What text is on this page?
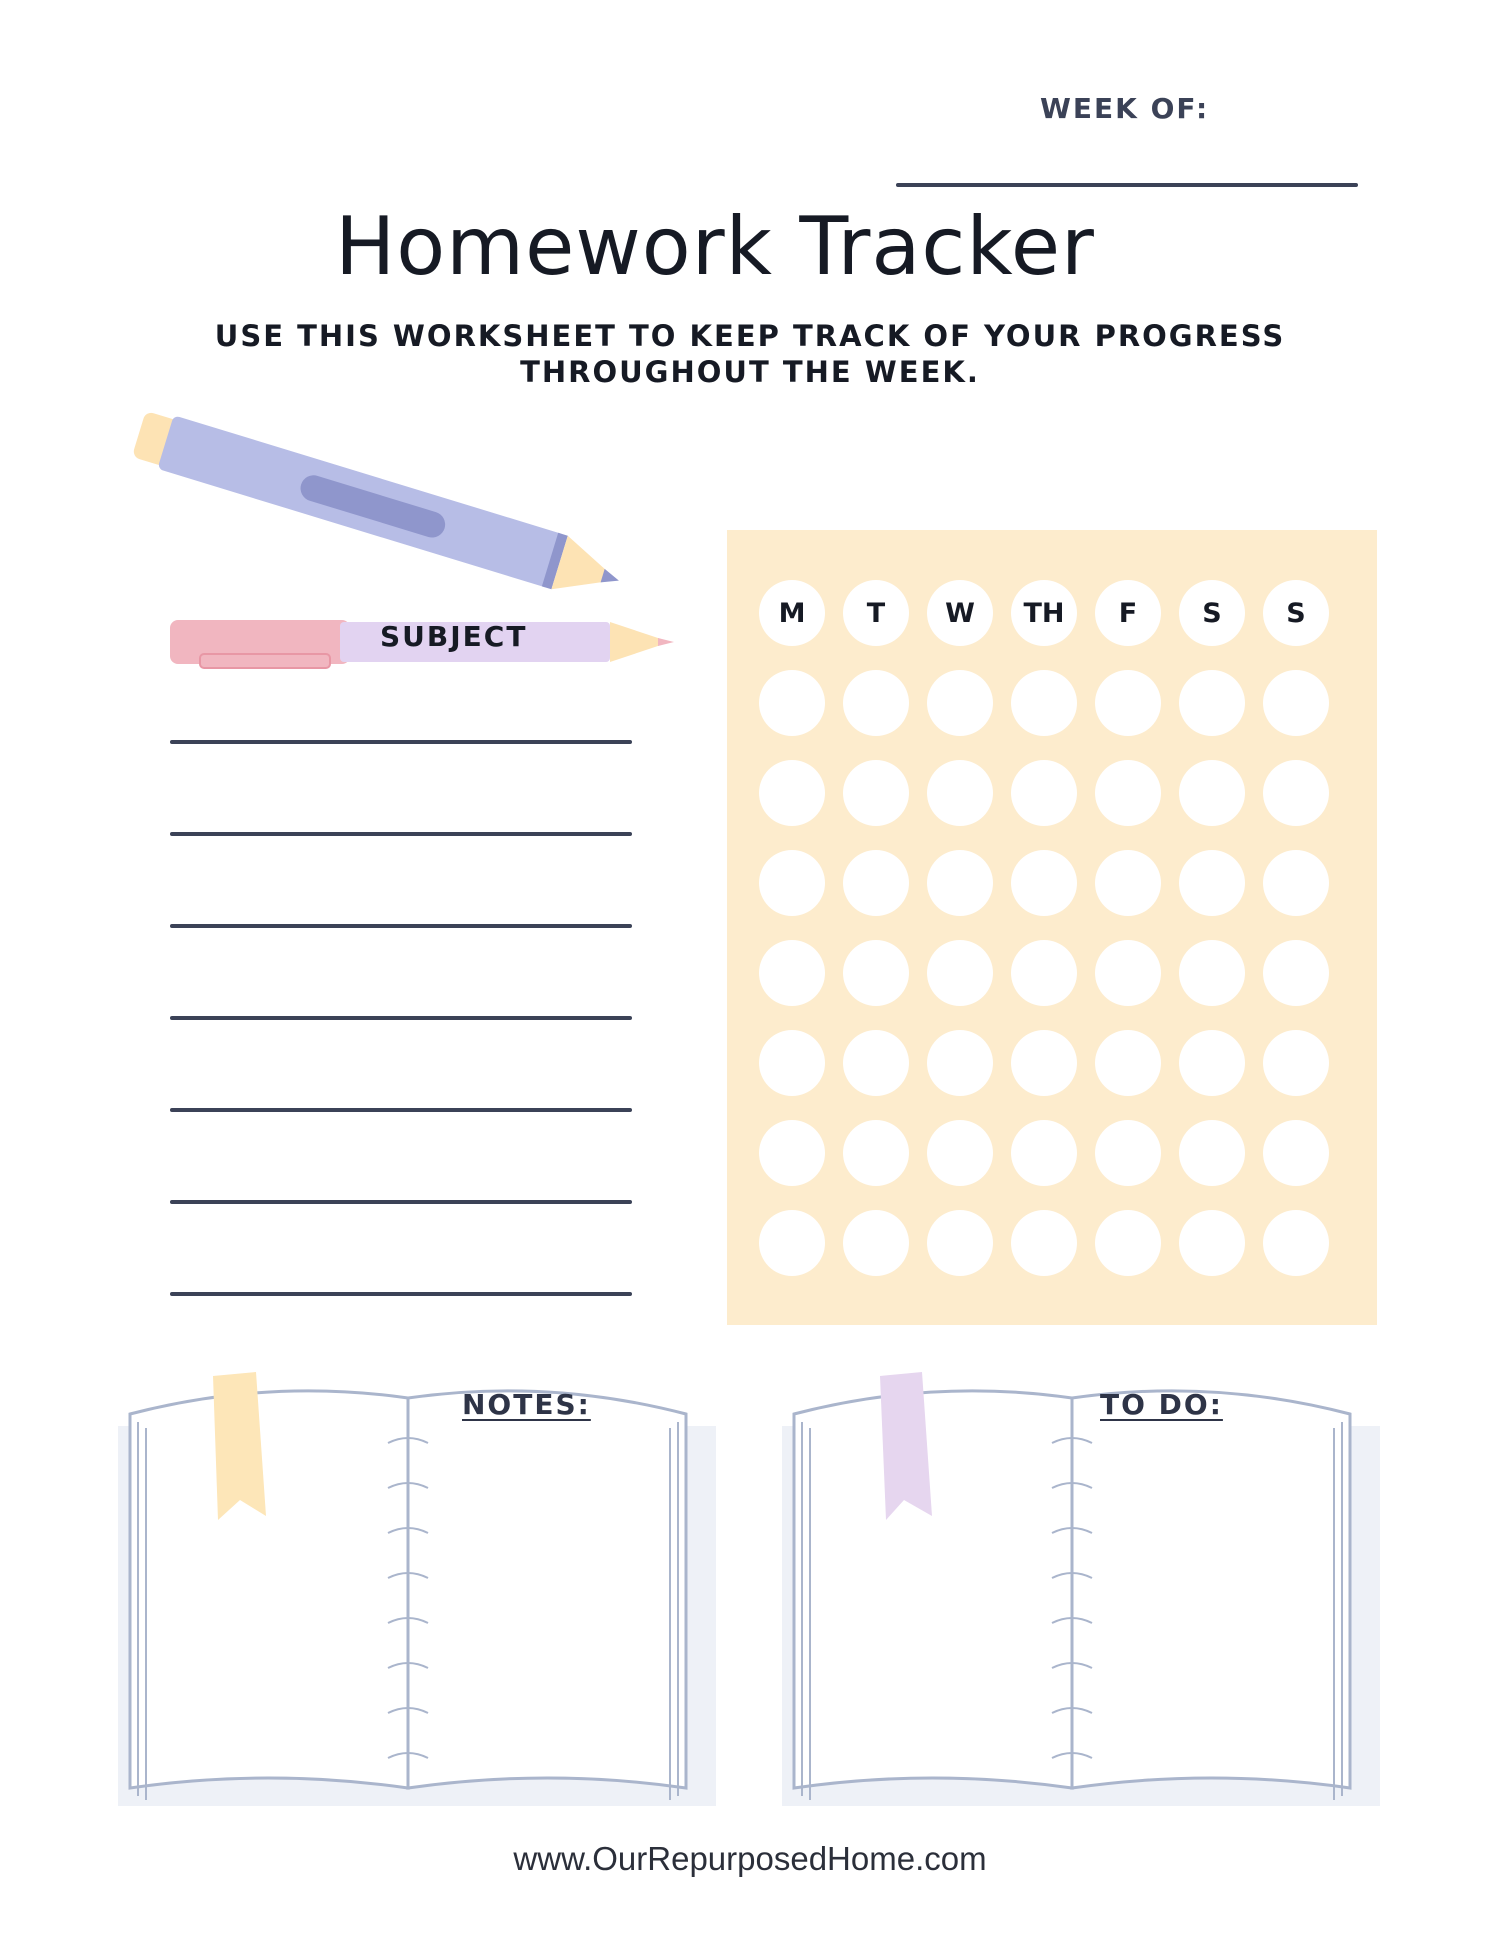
WEEK OF:
Homework Tracker
USE THIS WORKSHEET TO KEEP TRACK OF YOUR PROGRESS
THROUGHOUT THE WEEK.
SUBJECT
M	T	W	TH	F	S	S
NOTES:	TO DO:
www.OurRepurposedHome.com
